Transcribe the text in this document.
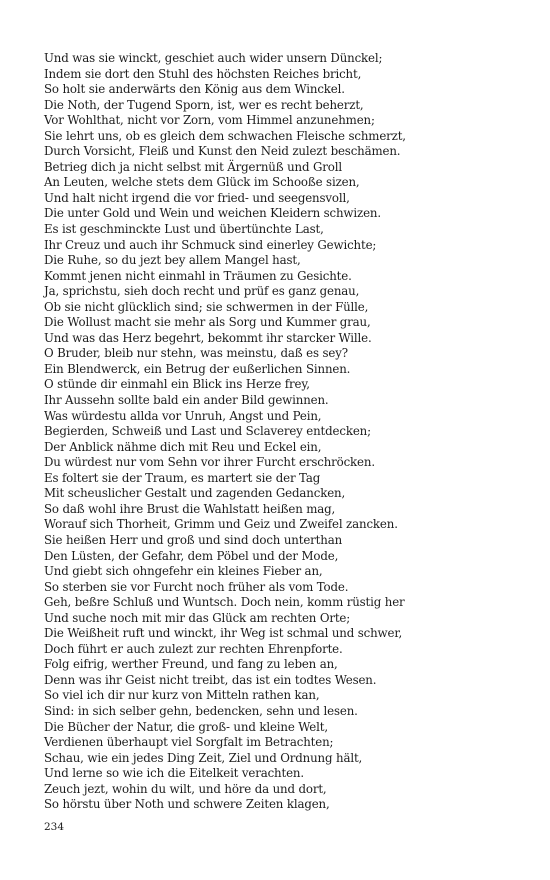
Und was sie winckt, geschiet auch wider unsern Dünckel;
Indem sie dort den Stuhl des höchsten Reiches bricht,
So holt sie anderwärts den König aus dem Winckel.
Die Noth, der Tugend Sporn, ist, wer es recht beherzt,
Vor Wohlthat, nicht vor Zorn, vom Himmel anzunehmen;
Sie lehrt uns, ob es gleich dem schwachen Fleische schmerzt,
Durch Vorsicht, Fleiß und Kunst den Neid zulezt beschämen.
Betrieg dich ja nicht selbst mit Ärgernüß und Groll
An Leuten, welche stets dem Glück im Schooße sizen,
Und halt nicht irgend die vor fried- und seegensvoll,
Die unter Gold und Wein und weichen Kleidern schwizen.
Es ist geschminckte Lust und übertünchte Last,
Ihr Creuz und auch ihr Schmuck sind einerley Gewichte;
Die Ruhe, so du jezt bey allem Mangel hast,
Kommt jenen nicht einmahl in Träumen zu Gesichte.
Ja, sprichstu, sieh doch recht und prüf es ganz genau,
Ob sie nicht glücklich sind; sie schwermen in der Fülle,
Die Wollust macht sie mehr als Sorg und Kummer grau,
Und was das Herz begehrt, bekommt ihr starcker Wille.
O Bruder, bleib nur stehn, was meinstu, daß es sey?
Ein Blendwerck, ein Betrug der eußerlichen Sinnen.
O stünde dir einmahl ein Blick ins Herze frey,
Ihr Aussehn sollte bald ein ander Bild gewinnen.
Was würdestu allda vor Unruh, Angst und Pein,
Begierden, Schweiß und Last und Sclaverey entdecken;
Der Anblick nähme dich mit Reu und Eckel ein,
Du würdest nur vom Sehn vor ihrer Furcht erschröcken.
Es foltert sie der Traum, es martert sie der Tag
Mit scheuslicher Gestalt und zagenden Gedancken,
So daß wohl ihre Brust die Wahlstatt heißen mag,
Worauf sich Thorheit, Grimm und Geiz und Zweifel zancken.
Sie heißen Herr und groß und sind doch unterthan
Den Lüsten, der Gefahr, dem Pöbel und der Mode,
Und giebt sich ohngefehr ein kleines Fieber an,
So sterben sie vor Furcht noch früher als vom Tode.
Geh, beßre Schluß und Wuntsch. Doch nein, komm rüstig her
Und suche noch mit mir das Glück am rechten Orte;
Die Weißheit ruft und winckt, ihr Weg ist schmal und schwer,
Doch führt er auch zulezt zur rechten Ehrenpforte.
Folg eifrig, werther Freund, und fang zu leben an,
Denn was ihr Geist nicht treibt, das ist ein todtes Wesen.
So viel ich dir nur kurz von Mitteln rathen kan,
Sind: in sich selber gehn, bedencken, sehn und lesen.
Die Bücher der Natur, die groß- und kleine Welt,
Verdienen überhaupt viel Sorgfalt im Betrachten;
Schau, wie ein jedes Ding Zeit, Ziel und Ordnung hält,
Und lerne so wie ich die Eitelkeit verachten.
Zeuch jezt, wohin du wilt, und höre da und dort,
So hörstu über Noth und schwere Zeiten klagen,
234
